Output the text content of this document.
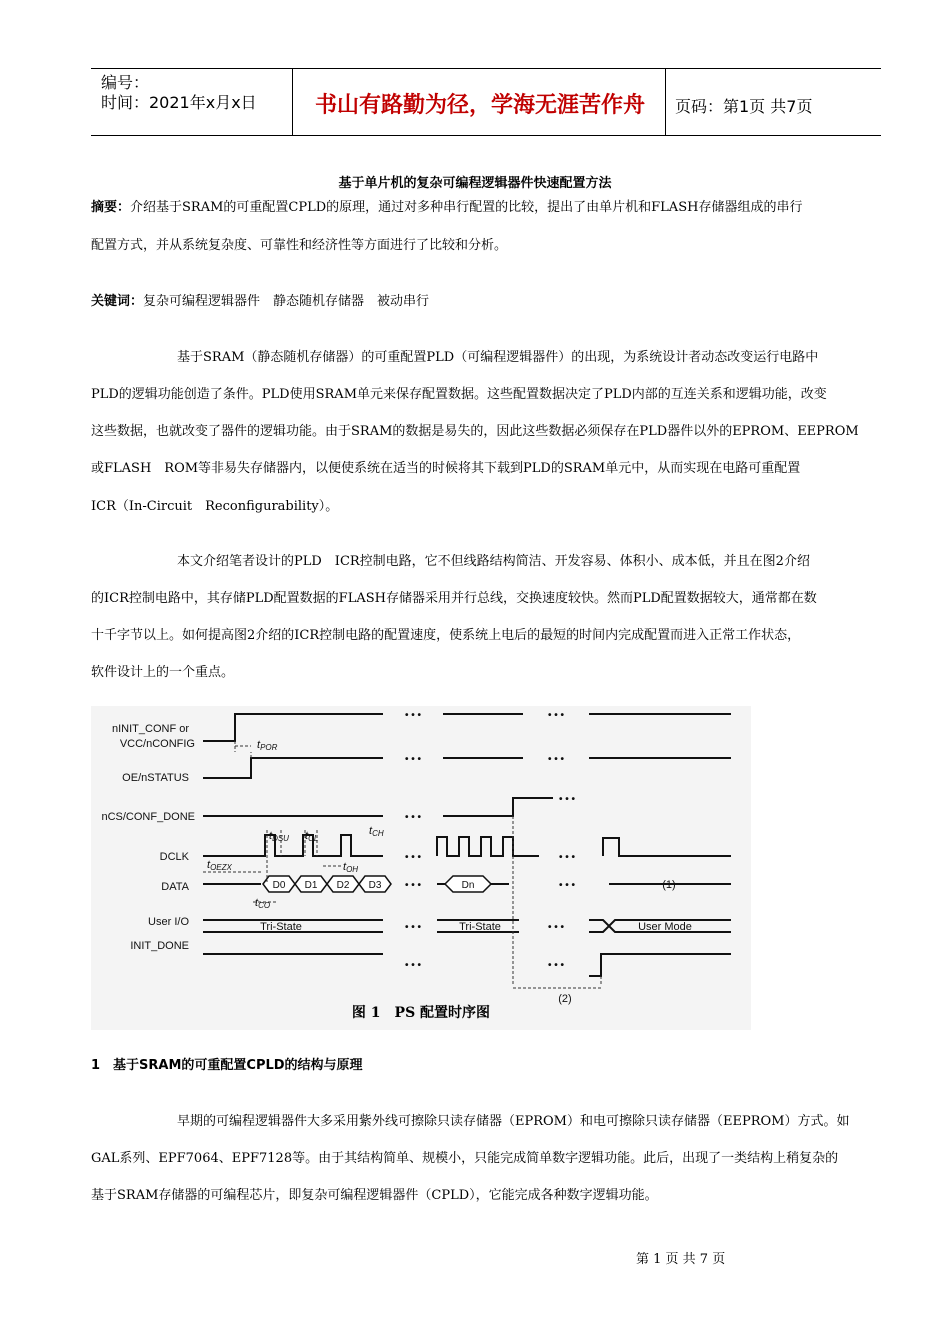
编号：
时间：2021年x月x日	书山有路勤为径，学海无涯苦作舟	页码：第1页 共7页
基于单片机的复杂可编程逻辑器件快速配置方法
摘要：介绍基于SRAM的可重配置CPLD的原理，通过对多种串行配置的比较，提出了由单片机和FLASH存储器组成的串行
配置方式，并从系统复杂度、可靠性和经济性等方面进行了比较和分析。
关键词：复杂可编程逻辑器件　静态随机存储器　被动串行
基于SRAM（静态随机存储器）的可重配置PLD（可编程逻辑器件）的出现，为系统设计者动态改变运行电路中
PLD的逻辑功能创造了条件。PLD使用SRAM单元来保存配置数据。这些配置数据决定了PLD内部的互连关系和逻辑功能，改变
这些数据，也就改变了器件的逻辑功能。由于SRAM的数据是易失的，因此这些数据必须保存在PLD器件以外的EPROM、EEPROM
或FLASH　ROM等非易失存储器内，以便使系统在适当的时候将其下载到PLD的SRAM单元中，从而实现在电路可重配置
ICR（In-Circuit　Reconfigurability）。
本文介绍笔者设计的PLD　ICR控制电路，它不但线路结构简洁、开发容易、体积小、成本低，并且在图2介绍
的ICR控制电路中，其存储PLD配置数据的FLASH存储器采用并行总线，交换速度较快。然而PLD配置数据较大，通常都在数
十千字节以上。如何提高图2介绍的ICR控制电路的配置速度，使系统上电后的最短的时间内完成配置而进入正常工作状态，
软件设计上的一个重点。
nINIT_CONF or
VCC/nCONFIG
OE/nSTATUS
nCS/CONF_DONE
DCLK
DATA
User I/O
INIT_DONE
tPOR
tDSU tCL
tCH
tOH
tOEZX
tCO
D0 D1 D2 D3	Dn
Tri-State	Tri-State	User Mode
(1)
(2)
• • •	• • •
• • •	• • •
• • •
• • •
• • •	• • •
• • •	• • •
• • •	• • •
• • •	• • •
图 1　PS 配置时序图
1　基于SRAM的可重配置CPLD的结构与原理
早期的可编程逻辑器件大多采用紫外线可擦除只读存储器（EPROM）和电可擦除只读存储器（EEPROM）方式。如
GAL系列、EPF7064、EPF7128等。由于其结构简单、规模小，只能完成简单数字逻辑功能。此后，出现了一类结构上稍复杂的
基于SRAM存储器的可编程芯片，即复杂可编程逻辑器件（CPLD），它能完成各种数字逻辑功能。
第 1 页 共 7 页
